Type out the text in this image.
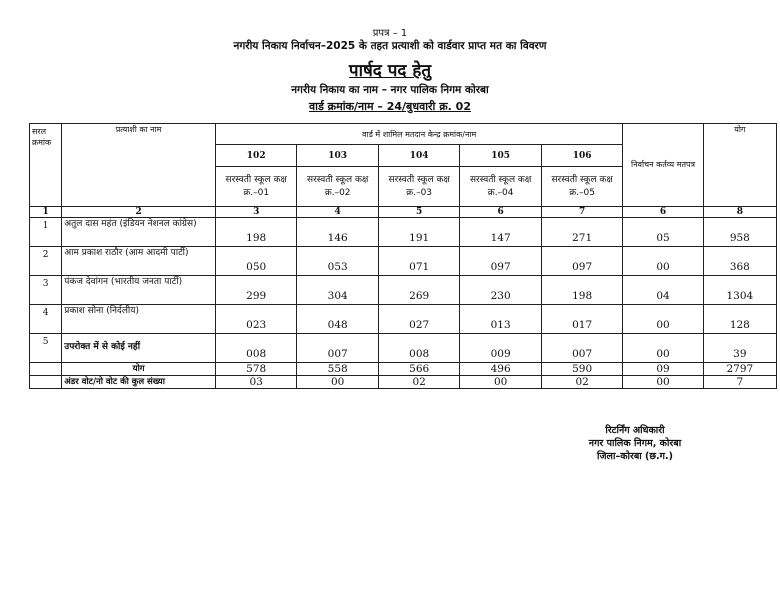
प्रपत्र – 1
नगरीय निकाय निर्वाचन–2025 के तहत प्रत्याशी को वार्डवार प्राप्त मत का विवरण
पार्षद पद हेतु
नगरीय निकाय का नाम – नगर पालिक निगम कोरबा
वार्ड क्रमांक/नाम – 24/बुधवारी क्र. 02
सरल क्रमांक	प्रत्याशी का नाम	वार्ड में शामिल मतदान केन्द्र क्रमांक/नाम					निर्वाचन कर्तव्य मतपत्र	योग
		102	103	104	105	106		
		सरस्वती स्कूल कक्ष क्र.–01	सरस्वती स्कूल कक्ष क्र.–02	सरस्वती स्कूल कक्ष क्र.–03	सरस्वती स्कूल कक्ष क्र.–04	सरस्वती स्कूल कक्ष क्र.–05		
1	2	3	4	5	6	7	6	8
1	अतुल दास महंत (इंडियन नेशनल कांग्रेस)	198	146	191	147	271	05	958
2	आम प्रकाश राठौर (आम आदमी पार्टी)	050	053	071	097	097	00	368
3	पंकज देवांगन (भारतीय जनता पार्टी)	299	304	269	230	198	04	1304
4	प्रकाश सोना (निर्दलीय)	023	048	027	013	017	00	128
5	उपरोक्त में से कोई नहीं	008	007	008	009	007	00	39
	योग	578	558	566	496	590	09	2797
	अंडर वोट/नो वोट की कुल संख्या	03	00	02	00	02	00	7
रिटर्निंग अधिकारी
नगर पालिक निगम, कोरबा
जिला–कोरबा (छ.ग.)
